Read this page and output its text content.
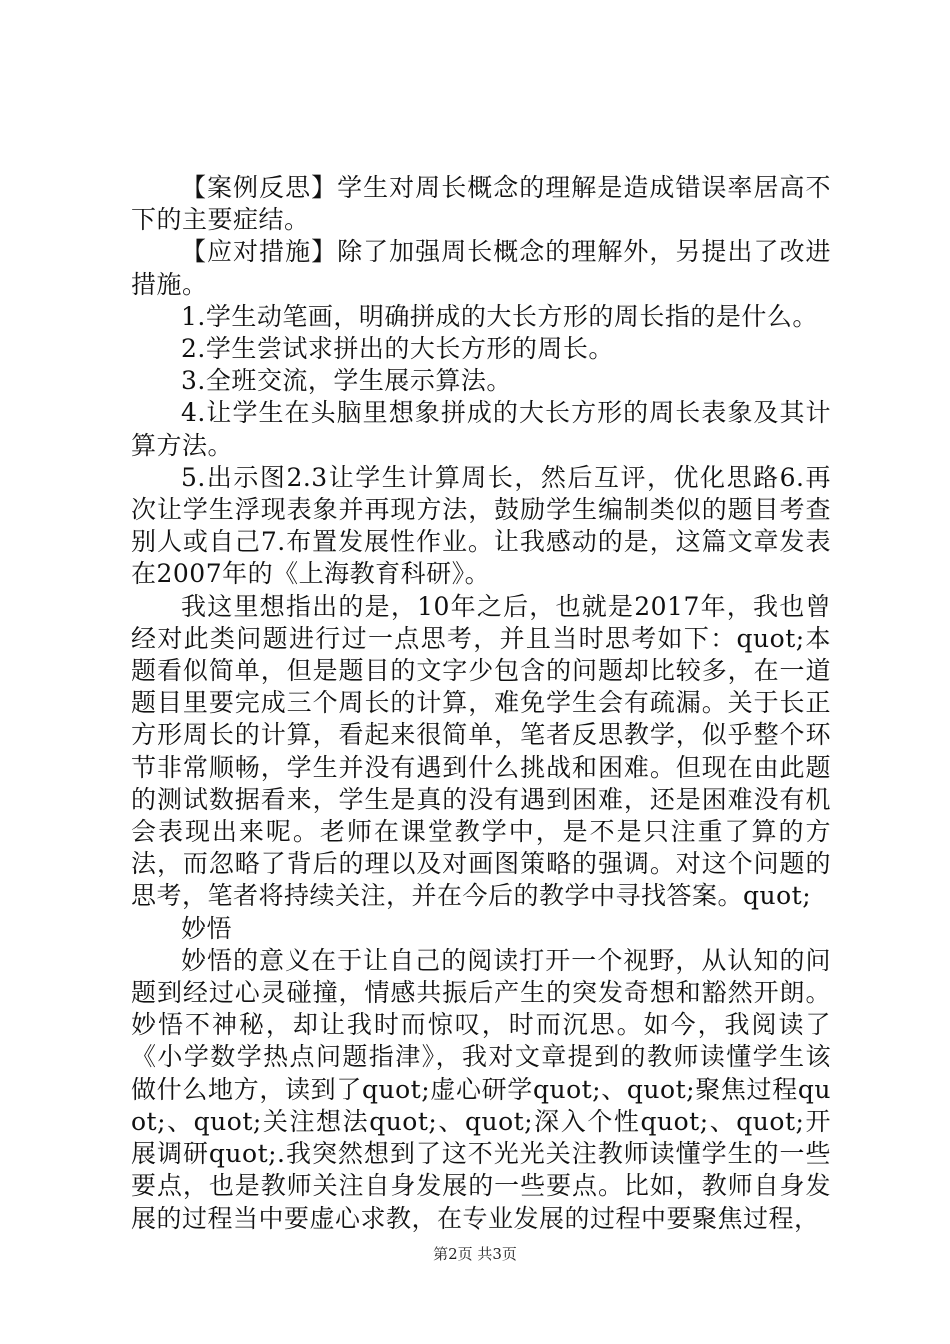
【案例反思】学生对周长概念的理解是造成错误率居高不下的主要症结。

【应对措施】除了加强周长概念的理解外，另提出了改进措施。

1.学生动笔画，明确拼成的大长方形的周长指的是什么。

2.学生尝试求拼出的大长方形的周长。

3.全班交流，学生展示算法。

4.让学生在头脑里想象拼成的大长方形的周长表象及其计算方法。

5.出示图2.3让学生计算周长，然后互评，优化思路6.再次让学生浮现表象并再现方法，鼓励学生编制类似的题目考查别人或自己7.布置发展性作业。让我感动的是，这篇文章发表在2007年的《上海教育科研》。

我这里想指出的是，10年之后，也就是2017年，我也曾经对此类问题进行过一点思考，并且当时思考如下：quot;本题看似简单，但是题目的文字少包含的问题却比较多，在一道题目里要完成三个周长的计算，难免学生会有疏漏。关于长正方形周长的计算，看起来很简单，笔者反思教学，似乎整个环节非常顺畅，学生并没有遇到什么挑战和困难。但现在由此题的测试数据看来，学生是真的没有遇到困难，还是困难没有机会表现出来呢。老师在课堂教学中，是不是只注重了算的方法，而忽略了背后的理以及对画图策略的强调。对这个问题的思考，笔者将持续关注，并在今后的教学中寻找答案。quot;

妙悟

妙悟的意义在于让自己的阅读打开一个视野，从认知的问题到经过心灵碰撞，情感共振后产生的突发奇想和豁然开朗。妙悟不神秘，却让我时而惊叹，时而沉思。如今，我阅读了《小学数学热点问题指津》，我对文章提到的教师读懂学生该做什么地方，读到了quot;虚心研学quot;、quot;聚焦过程quot;、quot;关注想法quot;、quot;深入个性quot;、quot;开展调研quot;.我突然想到了这不光光关注教师读懂学生的一些要点，也是教师关注自身发展的一些要点。比如，教师自身发展的过程当中要虚心求教，在专业发展的过程中要聚焦过程，

第2页 共3页
